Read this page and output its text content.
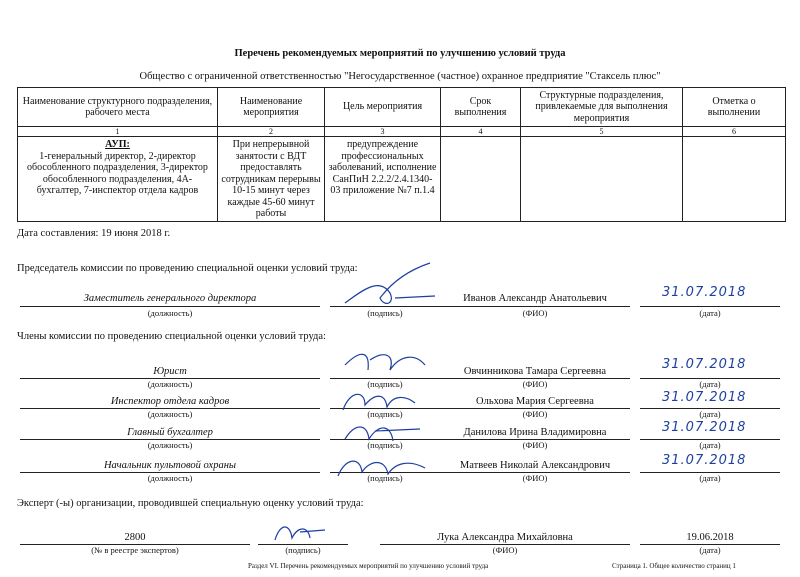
Перечень рекомендуемых мероприятий по улучшению условий труда
Общество с ограниченной ответственностью "Негосударственное (частное) охранное предприятие "Стаксель плюс"
Наименование структурного подразделения, рабочего места	Наименование мероприятия	Цель мероприятия	Срок выполнения	Структурные подразделения, привлекаемые для выполнения мероприятия	Отметка о выполнении
1	2	3	4	5	6

АУП:
1-генеральный директор, 2-директор обособленного подразделения, 3-директор обособленного подразделения, 4А-бухгалтер, 7-инспектор отдела кадров	При непрерывной занятости с ВДТ предоставлять сотрудникам перерывы 10-15 минут через каждые 45-60 минут работы	предупреждение профессиональных заболеваний, исполнение СанПиН 2.2.2/2.4.1340-03 приложение №7 п.1.4			
Дата составления: 19 июня 2018 г.
Председатель комиссии по проведению специальной оценки условий труда:
Заместитель генерального директора
(должность)	(подпись)
Иванов Александр Анатольевич
(ФИО)
31.07.2018
(дата)
Члены комиссии по проведению специальной оценки условий труда:
Юрист
(должность)	(подпись)
Овчинникова Тамара Сергеевна
(ФИО)
31.07.2018
(дата)
Инспектор отдела кадров
(должность)	(подпись)
Ольхова Мария Сергеевна
(ФИО)
31.07.2018
(дата)
Главный бухгалтер
(должность)	(подпись)
Данилова Ирина Владимировна
(ФИО)
31.07.2018
(дата)
Начальник пультовой охраны
(должность)	(подпись)
Матвеев Николай Александрович
(ФИО)
31.07.2018
(дата)
Эксперт (-ы) организации, проводившей специальную оценку условий труда:
2800
(№ в реестре экспертов)	(подпись)
Лука Александра Михайловна
(ФИО)
19.06.2018
(дата)
Раздел VI. Перечень рекомендуемых мероприятий по улучшению условий труда	Страница 1. Общее количество страниц 1
